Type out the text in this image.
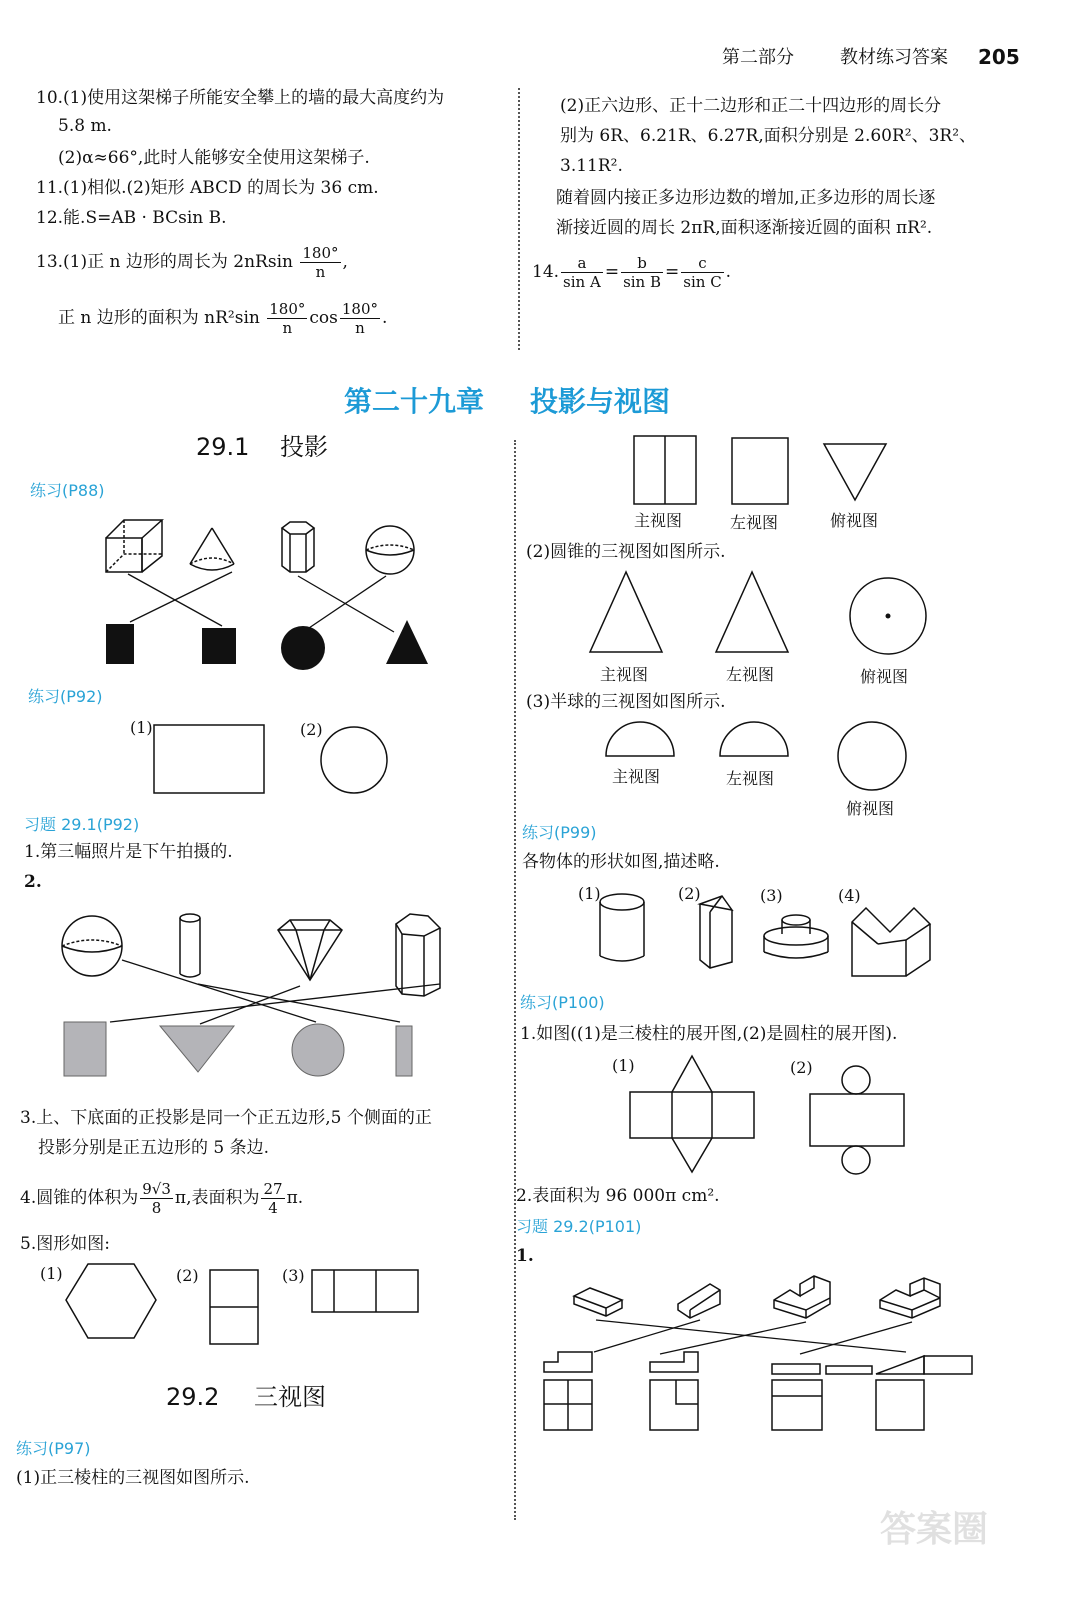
第二部分	教材练习答案 205
10.(1)使用这架梯子所能安全攀上的墙的最大高度约为
5.8 m.
(2)α≈66°,此时人能够安全使用这架梯子.
11.(1)相似.(2)矩形 ABCD 的周长为 36 cm.
12.能.S=AB · BCsin B.
13.(1)正 n 边形的周长为 $2nRsin \frac{180^\circ}{n}$ ,
正 n 边形的面积为 $nR^2\sin \frac{180^\circ}{n}$ $\cos \frac{180^\circ}{n}$ .
(2)正六边形、正十二边形和正二十四边形的周长分
别为 6R、6.21R、6.27R,面积分别是 2.60R²、3R²、
3.11R².
随着圆内接正多边形边数的增加,正多边形的周长逐
渐接近圆的周长 2πR,面积逐渐接近圆的面积 πR².
14. $\frac{a}{\text{sin A}} = \frac{b}{\text{sin B}} = \frac{c}{\text{sin C}}$ .
第二十九章 投影与视图
29.1 投影
练习(P88)
练习(P92)
(1)	(2)
习题 29.1(P92)
1.第三幅照片是下午拍摄的.
2.
3.上、下底面的正投影是同一个正五边形,5 个侧面的正
投影分别是正五边形的 5 条边.
4.圆锥的体积为 $\frac{9√3}{8} \pi$,表面积为 $\frac{27}{4} \pi$.
5.图形如图:
(1)	(2)	(3)
29.2 三视图
练习(P97)
(1)正三棱柱的三视图如图所示.
主视图	左视图	俯视图
(2)圆锥的三视图如图所示.
主视图	左视图	俯视图
(3)半球的三视图如图所示.
主视图	左视图
俯视图
练习(P99)
各物体的形状如图,描述略.
(1)	(2)	(3)	(4)
练习(P100)
1.如图((1)是三棱柱的展开图,(2)是圆柱的展开图).
(1)	(2)
2.表面积为 96 000π cm².
习题 29.2(P101)
1.
答案圈
